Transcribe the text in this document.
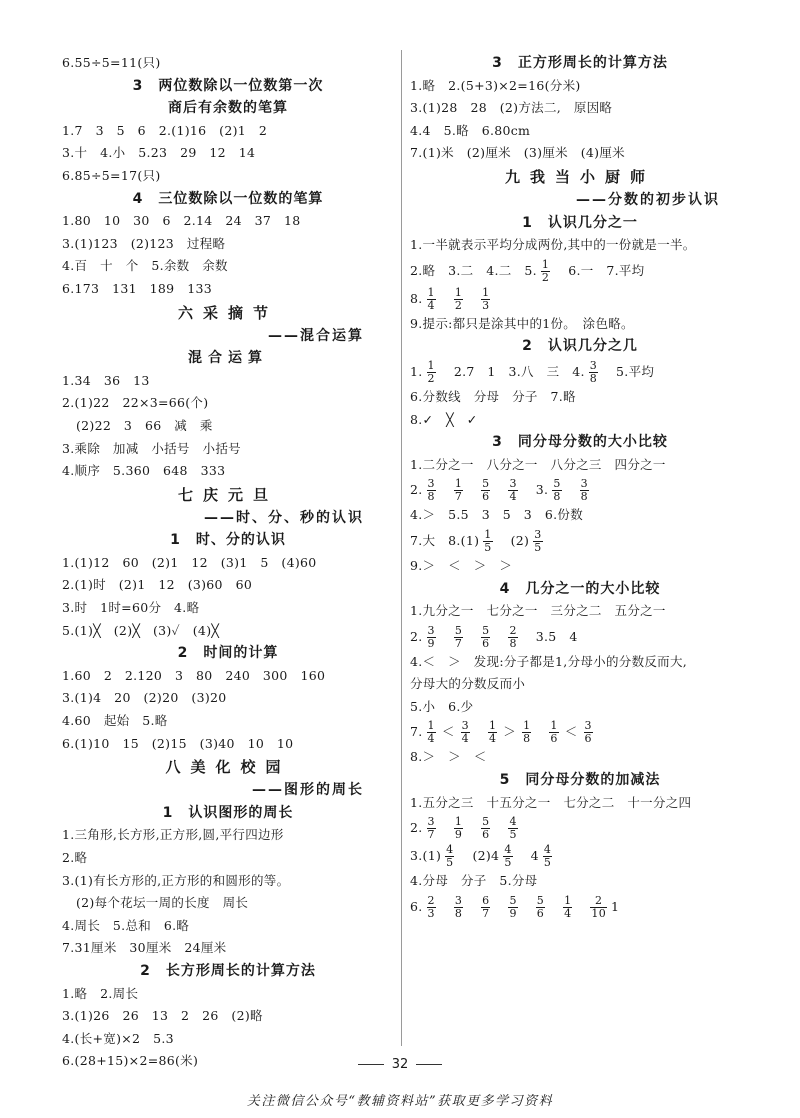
6.55÷5=11(只)
3　两位数除以一位数第一次
商后有余数的笔算
1.7　3　5　6　2.(1)16　(2)1　2
3.十　4.小　5.23　29　12　14
6.85÷5=17(只)
4　三位数除以一位数的笔算
1.80　10　30　6　2.14　24　37　18
3.(1)123　(2)123　过程略
4.百　十　个　5.余数　余数
6.173　131　189　133
六采摘节
——混合运算
混合运算
1.34　36　13
2.(1)22　22×3=66(个)
(2)22　3　66　减　乘
3.乘除　加减　小括号　小括号
4.顺序　5.360　648　333
七庆元旦
——时、分、秒的认识
1　时、分的认识
1.(1)12　60　(2)1　12　(3)1　5　(4)60
2.(1)时　(2)1　12　(3)60　60
3.时　1时=60分　4.略
5.(1)╳　(2)╳　(3)✓　(4)╳
2　时间的计算
1.60　2　2.120　3　80　240　300　160
3.(1)4　20　(2)20　(3)20
4.60　起始　5.略
6.(1)10　15　(2)15　(3)40　10　10
八美化校园
——图形的周长
1　认识图形的周长
1.三角形,长方形,正方形,圆,平行四边形
2.略
3.(1)有长方形的,正方形的和圆形的等。
(2)每个花坛一周的长度　周长
4.周长　5.总和　6.略
7.31厘米　30厘米　24厘米
2　长方形周长的计算方法
1.略　2.周长
3.(1)26　26　13　2　26　(2)略
4.(长+宽)×2　5.3
6.(28+15)×2=86(米)
3　正方形周长的计算方法
1.略　2.(5+3)×2=16(分米)
3.(1)28　28　(2)方法二,　原因略
4.4　5.略　6.80cm
7.(1)米　(2)厘米　(3)厘米　(4)厘米
九我当小厨师
——分数的初步认识
1　认识几分之一
1.一半就表示平均分成两份,其中的一份就是一半。
2.略　3.二　4.二　5. $\frac{1}{2} 6$.一　7.平均
8. $\frac{1}{4} \frac{1}{2} \frac{1}{3}$
9.提示:都只是涂其中的1份。　涂色略。
2　认识几分之几
1. $\frac{1}{2} 2.7$　1　3.八　三　4. $\frac{3}{8} 5$.平均
6.分数线　分母　分子　7.略
8.✓　╳　✓
3　同分母分数的大小比较
1.二分之一　八分之一　八分之三　四分之一
2. $\frac{3}{8} \frac{1}{7} \frac{5}{6} \frac{3}{4} 3$. $\frac{5}{8} \frac{3}{8}$
4.＞　5.5　3　5　3　6.份数
7.大　$8.(1) \frac{1}{5} (2) \frac{3}{5}$
9.＞　＜　＞　＞
4　几分之一的大小比较
1.九分之一　七分之一　三分之二　五分之一
2. $\frac{3}{9} \frac{5}{7} \frac{5}{6} \frac{2}{8} 3.5$　4
4.＜　＞　发现:分子都是1,分母小的分数反而大,
分母大的分数反而小
5.小　6.少
7. $\frac{1}{4} < \frac{3}{4} \frac{1}{4} > \frac{1}{8} \frac{1}{6} < \frac{3}{6}$
8.＞　＞　＜
5　同分母分数的加减法
1.五分之三　十五分之一　七分之二　十一分之四
2. $\frac{3}{7} \frac{1}{9} \frac{5}{6} \frac{4}{5}$
$3.(1) \frac{4}{5} (2)4 \frac{4}{5} 4 \frac{4}{5}$
4.分母　分子　5.分母
6. $\frac{2}{3} \frac{3}{8} \frac{6}{7} \frac{5}{9} \frac{5}{6} \frac{1}{4} \frac{2}{10} 1$
32
关注微信公众号“教辅资料站”获取更多学习资料
